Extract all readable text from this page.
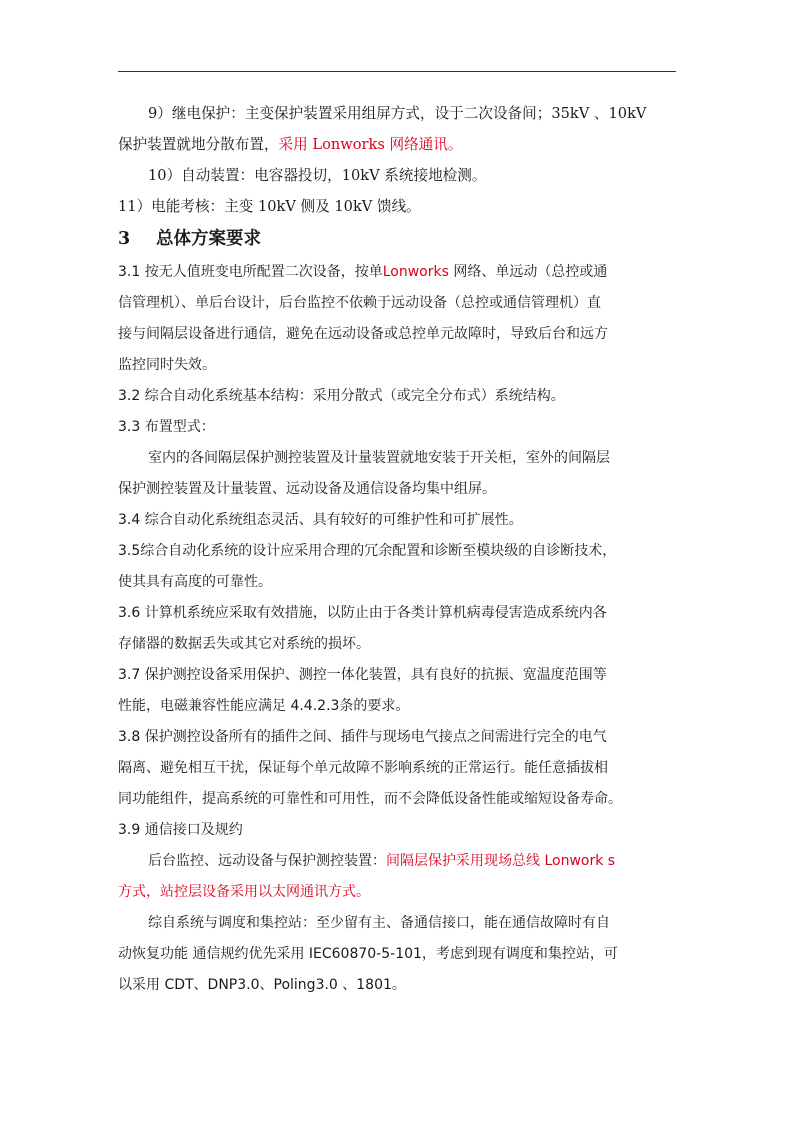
9）继电保护：主变保护装置采用组屏方式，设于二次设备间；35kV 、10kV

保护装置就地分散布置，采用 Lonworks 网络通讯。

10）自动装置：电容器投切，10kV 系统接地检测。

11）电能考核：主变 10kV 侧及 10kV 馈线。

3 总体方案要求

3.1 按无人值班变电所配置二次设备，按单Lonworks 网络、单远动（总控或通

信管理机）、单后台设计，后台监控不依赖于远动设备（总控或通信管理机）直

接与间隔层设备进行通信，避免在远动设备或总控单元故障时，导致后台和远方

监控同时失效。

3.2 综合自动化系统基本结构：采用分散式（或完全分布式）系统结构。

3.3 布置型式：

室内的各间隔层保护测控装置及计量装置就地安装于开关柜，室外的间隔层

保护测控装置及计量装置、远动设备及通信设备均集中组屏。

3.4 综合自动化系统组态灵活、具有较好的可维护性和可扩展性。

3.5综合自动化系统的设计应采用合理的冗余配置和诊断至模块级的自诊断技术，

使其具有高度的可靠性。

3.6 计算机系统应采取有效措施，以防止由于各类计算机病毒侵害造成系统内各

存储器的数据丢失或其它对系统的损坏。

3.7 保护测控设备采用保护、测控一体化装置，具有良好的抗振、宽温度范围等

性能，电磁兼容性能应满足 4.4.2.3条的要求。

3.8 保护测控设备所有的插件之间、插件与现场电气接点之间需进行完全的电气

隔离、避免相互干扰，保证每个单元故障不影响系统的正常运行。能任意插拔相

同功能组件，提高系统的可靠性和可用性，而不会降低设备性能或缩短设备寿命。

3.9 通信接口及规约

后台监控、远动设备与保护测控装置：间隔层保护采用现场总线 Lonwork s

方式，站控层设备采用以太网通讯方式。

综自系统与调度和集控站：至少留有主、备通信接口，能在通信故障时有自

动恢复功能 通信规约优先采用 IEC60870-5-101，考虑到现有调度和集控站，可

以采用 CDT、DNP3.0、Poling3.0 、1801。
